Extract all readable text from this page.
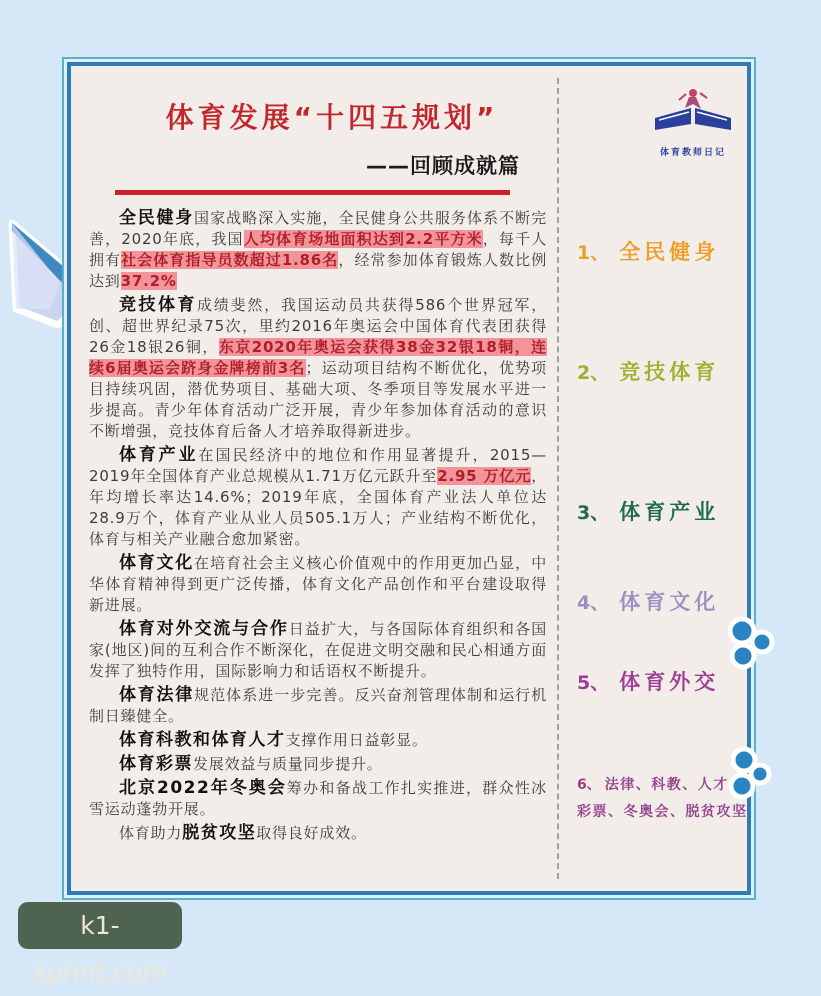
体育教师日记
体育发展“十四五规划”
——回顾成就篇

全民健身国家战略深入实施，全民健身公共服务体系不断完善，2020年底，我国人均体育场地面积达到2.2平方米，每千人拥有社会体育指导员数超过1.86名，经常参加体育锻炼人数比例达到37.2%

竞技体育成绩斐然，我国运动员共获得586个世界冠军，创、超世界纪录75次，里约2016年奥运会中国体育代表团获得26金18银26铜，东京2020年奥运会获得38金32银18铜，连续6届奥运会跻身金牌榜前3名；运动项目结构不断优化，优势项目持续巩固，潜优势项目、基础大项、冬季项目等发展水平进一步提高。青少年体育活动广泛开展，青少年参加体育活动的意识不断增强，竞技体育后备人才培养取得新进步。

体育产业在国民经济中的地位和作用显著提升，2015—2019年全国体育产业总规模从1.71万亿元跃升至2.95 万亿元，年均增长率达14.6%；2019年底，全国体育产业法人单位达28.9万个，体育产业从业人员505.1万人；产业结构不断优化，体育与相关产业融合愈加紧密。

体育文化在培育社会主义核心价值观中的作用更加凸显，中华体育精神得到更广泛传播，体育文化产品创作和平台建设取得新进展。

体育对外交流与合作日益扩大，与各国际体育组织和各国家(地区)间的互利合作不断深化，在促进文明交融和民心相通方面发挥了独特作用，国际影响力和话语权不断提升。

体育法律规范体系进一步完善。反兴奋剂管理体制和运行机制日臻健全。

体育科教和体育人才支撑作用日益彰显。

体育彩票发展效益与质量同步提升。

北京2022年冬奥会筹办和备战工作扎实推进，群众性冰雪运动蓬勃开展。

体育助力脱贫攻坚取得良好成效。

1、 全民健身
2、 竞技体育
3、 体育产业
4、 体育文化
5、 体育外交
6、 法律、科教、人才
彩票、冬奥会、脱贫攻坚
k1-sprint.com
